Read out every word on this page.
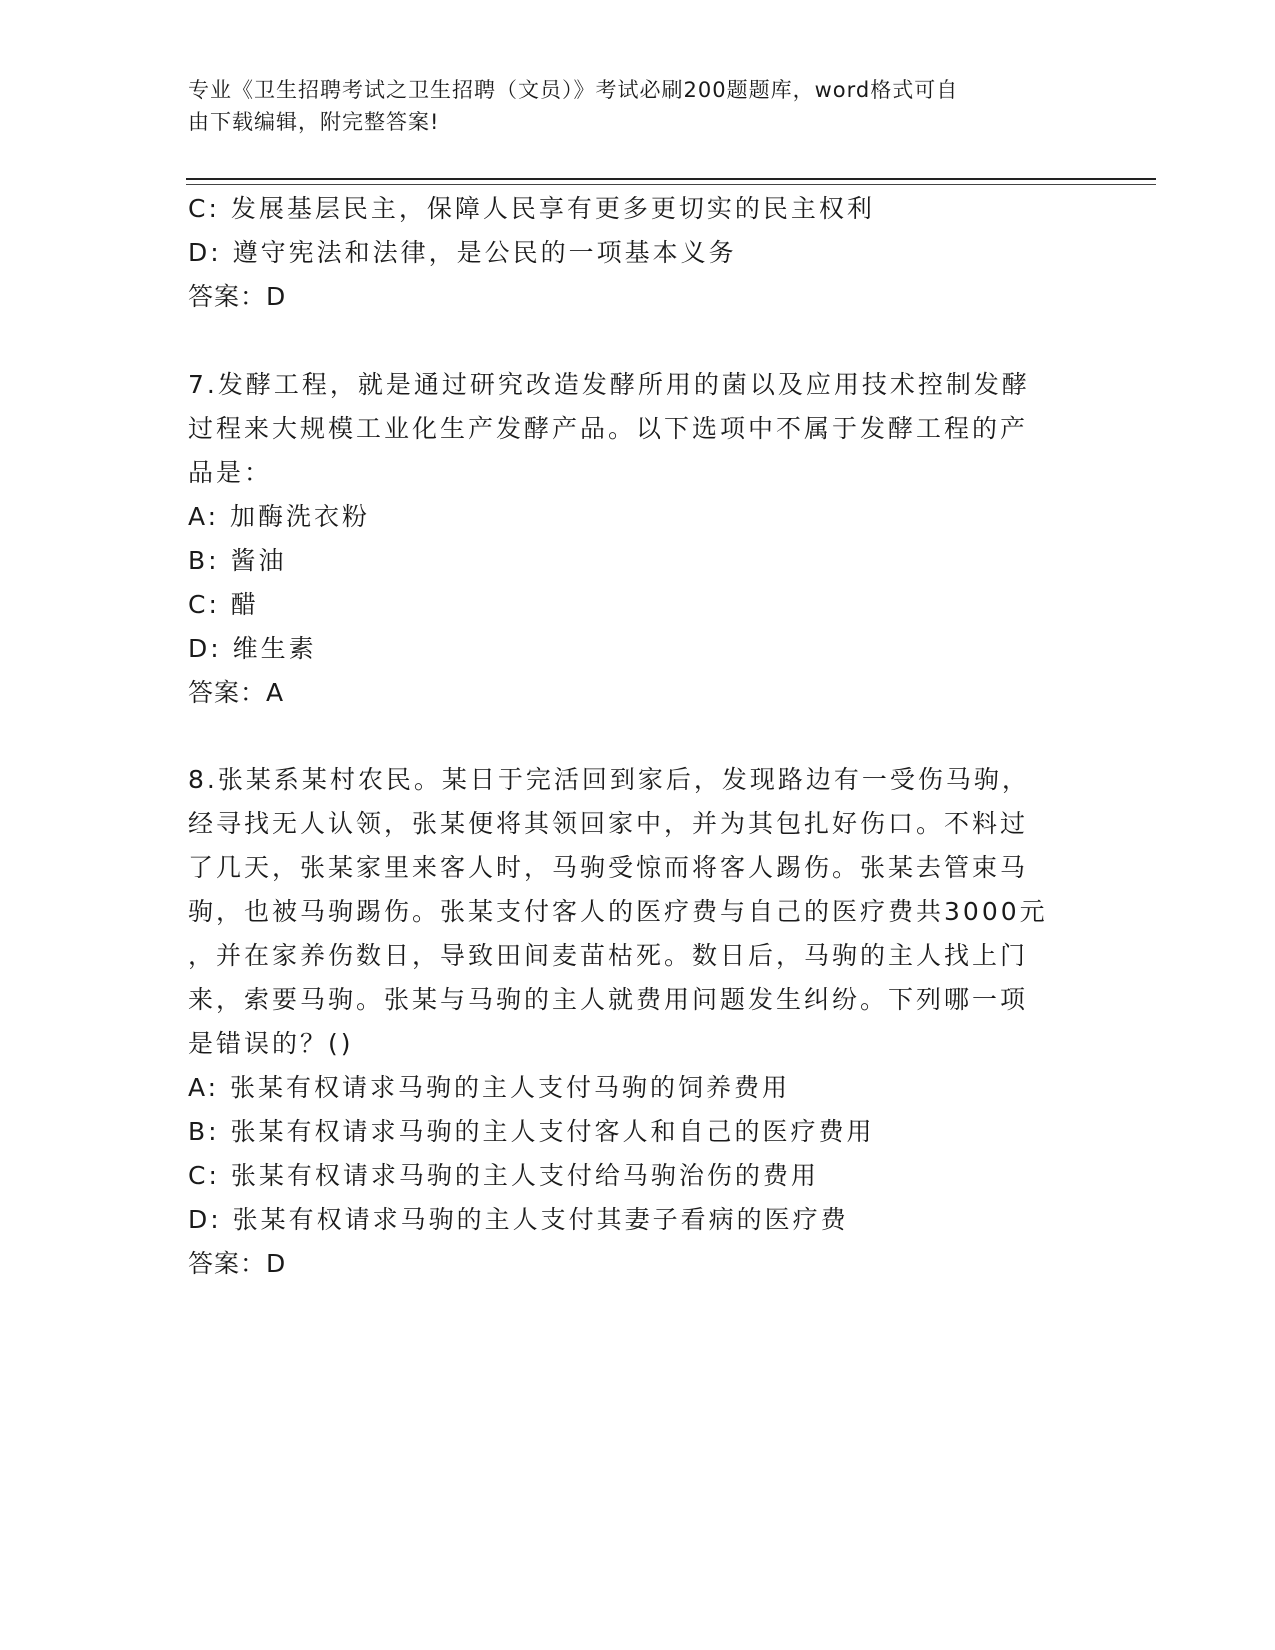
专业《卫生招聘考试之卫生招聘（文员）》考试必刷200题题库，word格式可自
由下载编辑，附完整答案!
C: 发展基层民主，保障人民享有更多更切实的民主权利
D: 遵守宪法和法律，是公民的一项基本义务
答案：D
7.发酵工程，就是通过研究改造发酵所用的菌以及应用技术控制发酵
过程来大规模工业化生产发酵产品。以下选项中不属于发酵工程的产
品是：
A: 加酶洗衣粉
B: 酱油
C: 醋
D: 维生素
答案：A
8.张某系某村农民。某日于完活回到家后，发现路边有一受伤马驹，
经寻找无人认领，张某便将其领回家中，并为其包扎好伤口。不料过
了几天，张某家里来客人时，马驹受惊而将客人踢伤。张某去管束马
驹，也被马驹踢伤。张某支付客人的医疗费与自己的医疗费共3000元
，并在家养伤数日，导致田间麦苗枯死。数日后，马驹的主人找上门
来，索要马驹。张某与马驹的主人就费用问题发生纠纷。下列哪一项
是错误的？()
A: 张某有权请求马驹的主人支付马驹的饲养费用
B: 张某有权请求马驹的主人支付客人和自己的医疗费用
C: 张某有权请求马驹的主人支付给马驹治伤的费用
D: 张某有权请求马驹的主人支付其妻子看病的医疗费
答案：D
